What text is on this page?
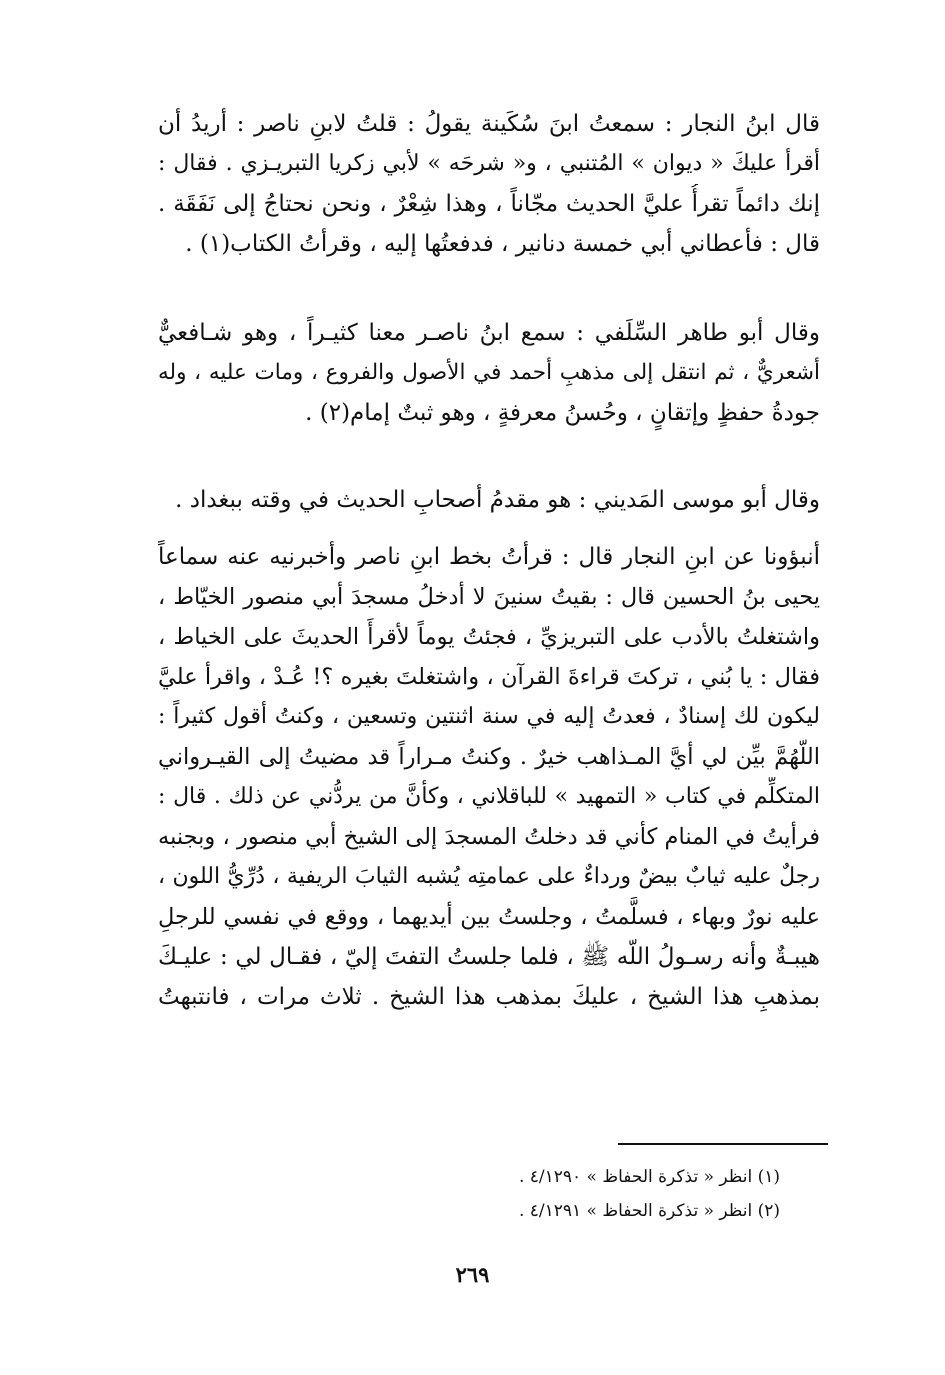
قال ابنُ النجار : سمعتُ ابنَ سُكَينة يقولُ : قلتُ لابنِ ناصر : أريدُ أن
أقرأ عليكَ « ديوان » المُتنبي ، و« شرحَه » لأبي زكريا التبريـزي . فقال :
إنك دائماً تقرأُ عليَّ الحديث مجّاناً ، وهذا شِعْرٌ ، ونحن نحتاجُ إلى نَفَقَة .
قال : فأعطاني أبي خمسة دنانير ، فدفعتُها إليه ، وقرأتُ الكتاب(١) .
وقال أبو طاهر السِّلَفي : سمع ابنُ ناصـر معنا كثيـراً ، وهو شـافعيٌّ
أشعريٌّ ، ثم انتقل إلى مذهبِ أحمد في الأصول والفروع ، ومات عليه ، وله
جودةُ حفظٍ وإتقانٍ ، وحُسنُ معرفةٍ ، وهو ثبتٌ إمام(٢) .
وقال أبو موسى المَديني : هو مقدمُ أصحابِ الحديث في وقته ببغداد .
أنبؤونا عن ابنِ النجار قال : قرأتُ بخط ابنِ ناصر وأخبرنيه عنه سماعاً
يحيى بنُ الحسين قال : بقيتُ سنينَ لا أدخلُ مسجدَ أبي منصور الخيّاط ،
واشتغلتُ بالأدب على التبريزيِّ ، فجئتُ يوماً لأقرأَ الحديثَ على الخياط ،
فقال : يا بُني ، تركتَ قراءةَ القرآن ، واشتغلتَ بغيره ؟! عُـدْ ، واقرأ عليَّ
ليكون لك إسنادٌ ، فعدتُ إليه في سنة اثنتين وتسعين ، وكنتُ أقول كثيراً :
اللّهُمَّ بيِّن لي أيَّ المـذاهب خيرٌ . وكنتُ مـراراً قد مضيتُ إلى القيـرواني
المتكلِّم في كتاب « التمهيد » للباقلاني ، وكأنَّ من يردُّني عن ذلك . قال :
فرأيتُ في المنام كأني قد دخلتُ المسجدَ إلى الشيخ أبي منصور ، وبجنبه
رجلٌ عليه ثيابٌ بيضٌ ورداءٌ على عمامتِه يُشبه الثيابَ الريفية ، دُرِّيُّ اللون ،
عليه نورٌ وبهاء ، فسلَّمتُ ، وجلستُ بين أيديهما ، ووقع في نفسي للرجلِ
هيبـةٌ وأنه رسـولُ اللّه ﷺ ، فلما جلستُ التفتَ إليّ ، فقـال لي : عليـكَ
بمذهبِ هذا الشيخ ، عليكَ بمذهب هذا الشيخ . ثلاث مرات ، فانتبهتُ
(١) انظر « تذكرة الحفاظ » ٤/١٢٩٠ .
(٢) انظر « تذكرة الحفاظ » ٤/١٢٩١ .
٢٦٩
